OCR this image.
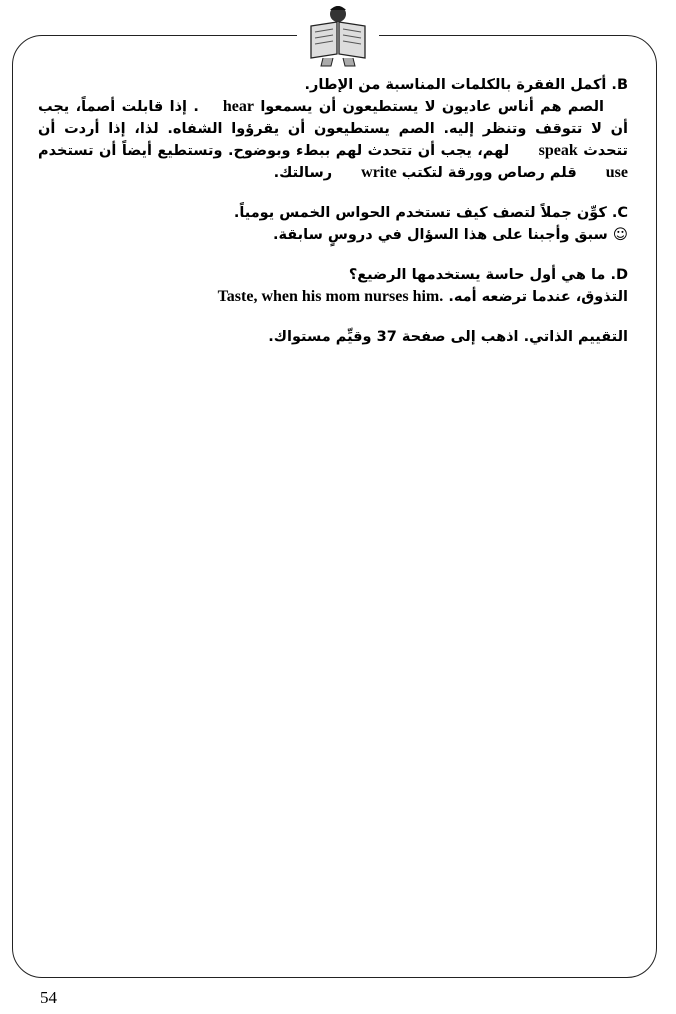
B. أكمل الفقرة بالكلمات المناسبة من الإطار.

الصم هم أناس عاديون لا يستطيعون أن يسمعوا hear. إذا قابلت أصماً، يجب أن لا تتوقف وتنظر إليه. الصم يستطيعون أن يقرؤوا الشفاه. لذا، إذا أردت أن تتحدث speak لهم، يجب أن تتحدث لهم ببطء وبوضوح. وتستطيع أيضاً أن تستخدم use قلم رصاص وورقة لتكتب write رسالتك.

C. كوِّن جملاً لتصف كيف تستخدم الحواس الخمس يومياً.

☺ سبق وأجبنا على هذا السؤال في دروسٍ سابقة.

D. ما هي أول حاسة يستخدمها الرضيع؟

التذوق، عندما ترضعه أمه. Taste, when his mom nurses him.

التقييم الذاتي. اذهب إلى صفحة 37 وقيِّم مستواك.

54
